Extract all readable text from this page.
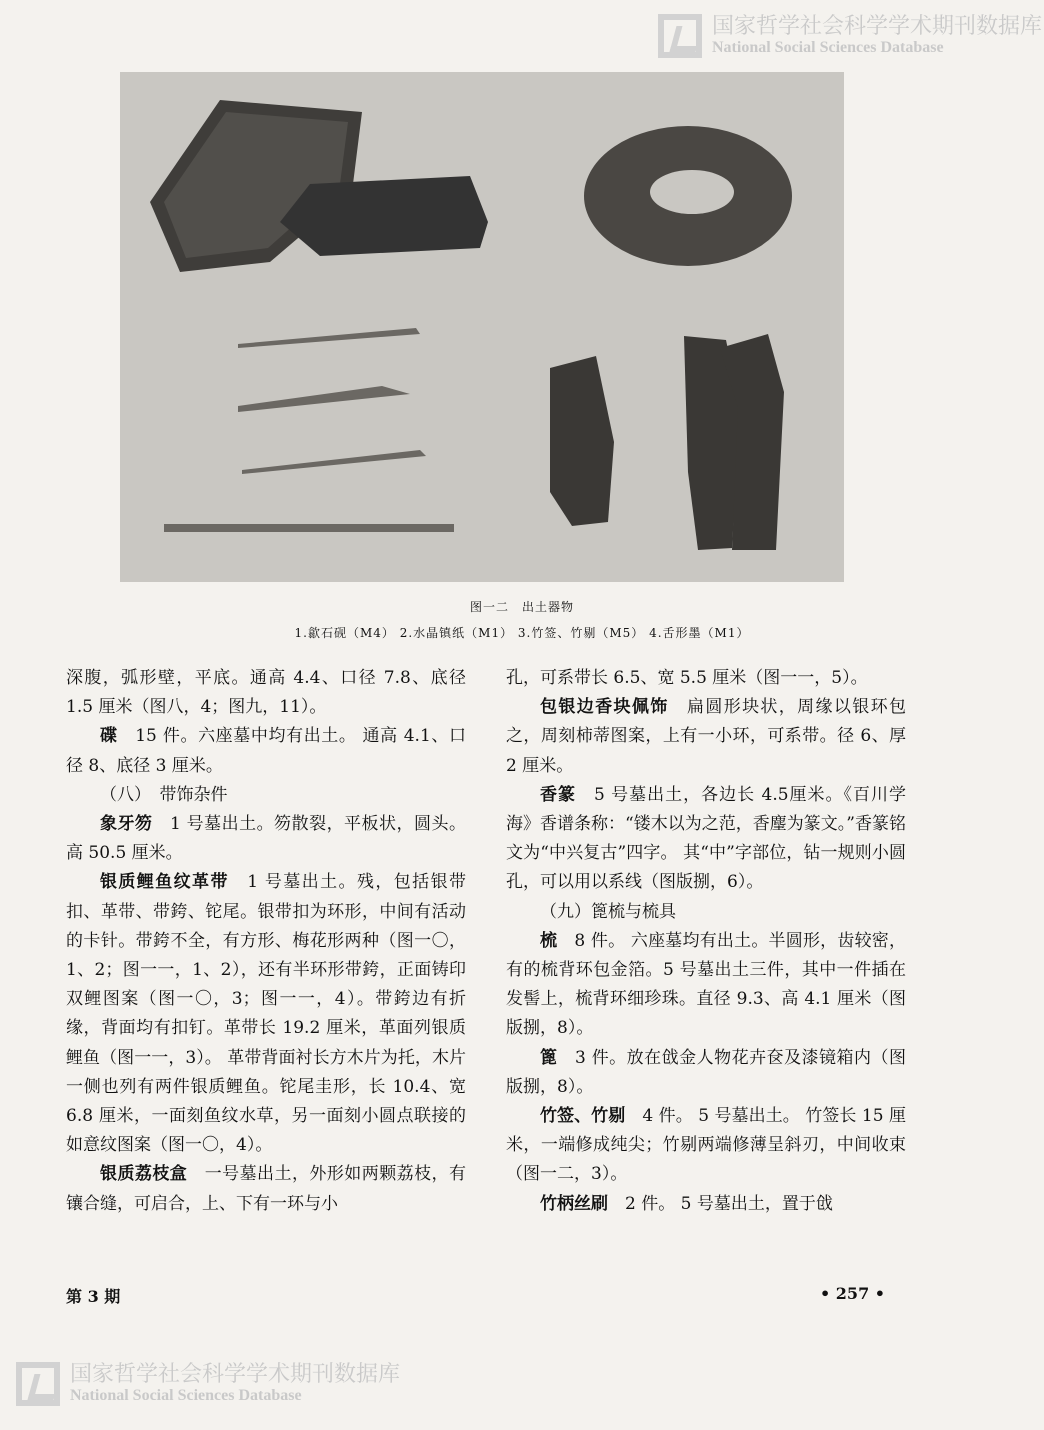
国家哲学社会科学学术期刊数据库
National Social Sciences Database
图一二　出土器物
1.歙石砚（M4） 2.水晶镇纸（M1） 3.竹签、竹剔（M5） 4.舌形墨（M1）

深腹，弧形壁，平底。通高 4.4、口径 7.8、底径 1.5 厘米（图八，4；图九，11）。

碟　15 件。六座墓中均有出土。 通高 4.1、口径 8、底径 3 厘米。

（八）　带饰杂件

象牙笏　1 号墓出土。笏散裂，平板状，圆头。高 50.5 厘米。

银质鲤鱼纹革带　1 号墓出土。残，包括银带扣、革带、带銙、铊尾。银带扣为环形，中间有活动的卡针。带銙不全，有方形、梅花形两种（图一〇，1、2；图一一，1、2），还有半环形带銙，正面铸印双鲤图案（图一〇，3；图一一，4）。带銙边有折缘，背面均有扣钉。革带长 19.2 厘米，革面列银质鲤鱼（图一一，3）。 革带背面衬长方木片为托，木片一侧也列有两件银质鲤鱼。铊尾圭形，长 10.4、宽 6.8 厘米，一面刻鱼纹水草，另一面刻小圆点联接的如意纹图案（图一〇，4）。

银质荔枝盒　一号墓出土，外形如两颗荔枝，有镶合缝，可启合，上、下有一环与小

孔，可系带长 6.5、宽 5.5 厘米（图一一，5）。

包银边香块佩饰　扁圆形块状，周缘以银环包之，周刻柿蒂图案，上有一小环，可系带。径 6、厚 2 厘米。

香篆　5 号墓出土，各边长 4.5厘米。《百川学海》香谱条称：“镂木以为之范，香麈为篆文。”香篆铭文为“中兴复古”四字。 其“中”字部位，钻一规则小圆孔，可以用以系线（图版捌，6）。

（九）篦梳与梳具

梳　8 件。 六座墓均有出土。半圆形，齿较密，有的梳背环包金箔。5 号墓出土三件，其中一件插在发髻上，梳背环细珍珠。直径 9.3、高 4.1 厘米（图版捌，8）。

篦　3 件。放在戗金人物花卉奁及漆镜箱内（图版捌，8）。

竹签、竹剔　4 件。 5 号墓出土。 竹签长 15 厘米，一端修成纯尖；竹剔两端修薄呈斜刃，中间收束（图一二，3）。

竹柄丝刷　2 件。 5 号墓出土，置于戗

第 3 期	• 257 •
国家哲学社会科学学术期刊数据库
National Social Sciences Database
